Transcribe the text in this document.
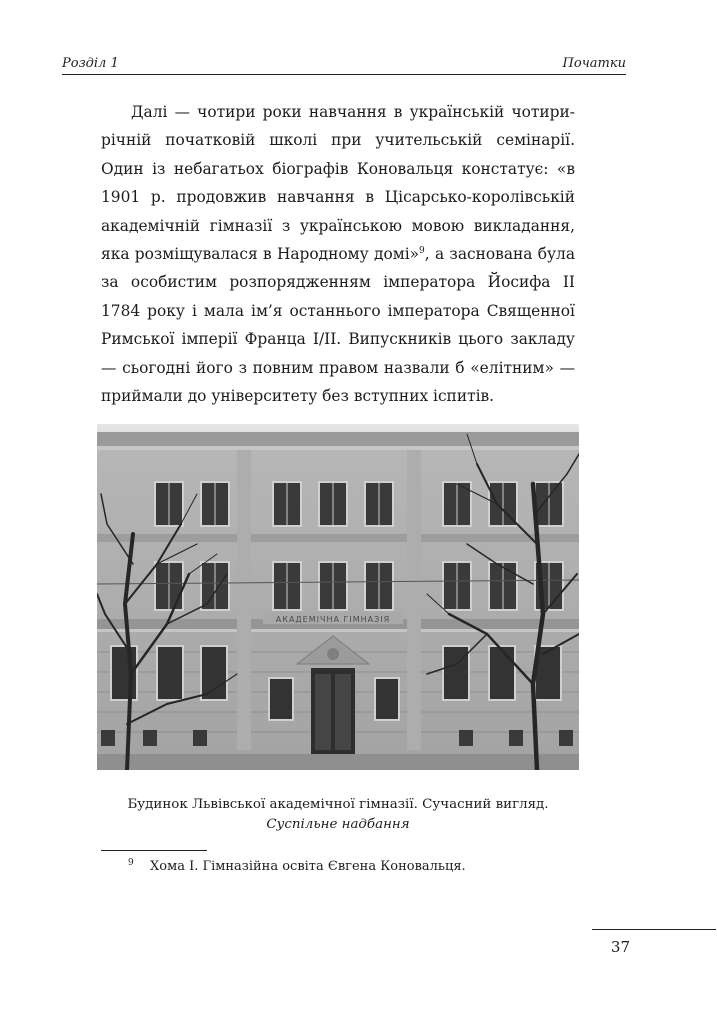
Розділ 1	Початки

Далі — чотири роки навчання в українській чотирирічній початковій школі при учительській семінарії. Один із небагатьох біографів Коновальця констатує: «в 1901 р. продовжив навчання в Цісарсько-королівській академічній гімназії з українською мовою викладання, яка розміщувалася в Народному домі»$^9$, а заснована була за особистим розпорядженням імператора Йосифа ІІ 1784 року і мала ім’я останнього імператора Священної Римської імперії Франца І/ІІ. Випускників цього закладу — сьогодні його з повним правом назвали б «елітним» — приймали до університету без вступних іспитів.

АКАДЕМІЧНА ГІМНАЗІЯ
Будинок Львівської академічної гімназії. Сучасний вигляд.
Суспільне надбання
9 Хома І. Гімназійна освіта Євгена Коновальця.
37
